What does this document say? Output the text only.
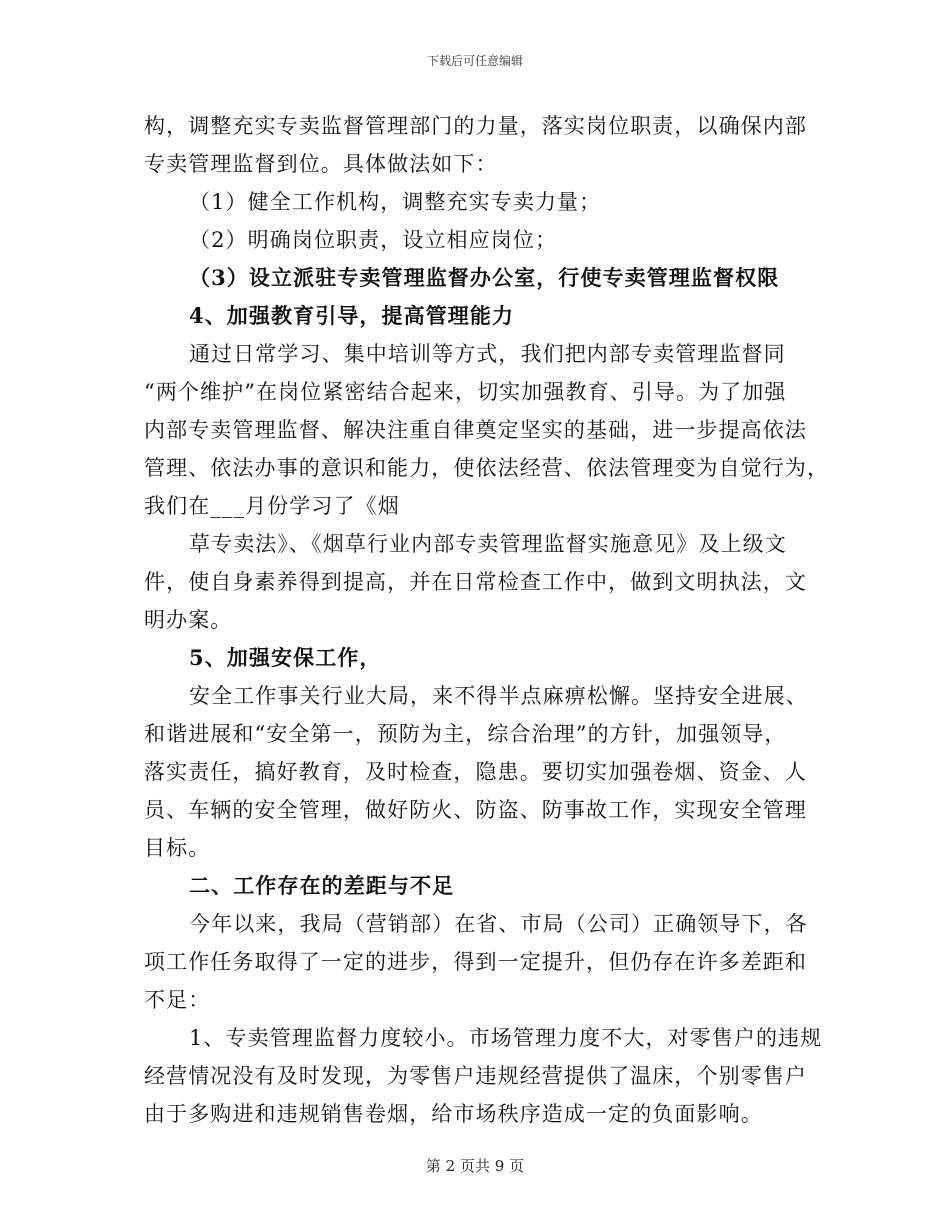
下载后可任意编辑
构，调整充实专卖监督管理部门的力量，落实岗位职责，以确保内部
专卖管理监督到位。具体做法如下：
（1）健全工作机构，调整充实专卖力量；
（2）明确岗位职责，设立相应岗位；
（3）设立派驻专卖管理监督办公室，行使专卖管理监督权限
4、加强教育引导，提高管理能力
通过日常学习、集中培训等方式，我们把内部专卖管理监督同
“两个维护”在岗位紧密结合起来，切实加强教育、引导。为了加强
内部专卖管理监督、解决注重自律奠定坚实的基础，进一步提高依法
管理、依法办事的意识和能力，使依法经营、依法管理变为自觉行为，
我们在___月份学习了《烟
草专卖法》、《烟草行业内部专卖管理监督实施意见》及上级文
件，使自身素养得到提高，并在日常检查工作中，做到文明执法，文
明办案。
5、加强安保工作，
安全工作事关行业大局，来不得半点麻痹松懈。坚持安全进展、
和谐进展和“安全第一，预防为主，综合治理”的方针，加强领导，
落实责任，搞好教育，及时检查，隐患。要切实加强卷烟、资金、人
员、车辆的安全管理，做好防火、防盗、防事故工作，实现安全管理
目标。
二、工作存在的差距与不足
今年以来，我局（营销部）在省、市局（公司）正确领导下，各
项工作任务取得了一定的进步，得到一定提升，但仍存在许多差距和
不足：
1、专卖管理监督力度较小。市场管理力度不大，对零售户的违规
经营情况没有及时发现，为零售户违规经营提供了温床，个别零售户
由于多购进和违规销售卷烟，给市场秩序造成一定的负面影响。
第 2 页共 9 页
